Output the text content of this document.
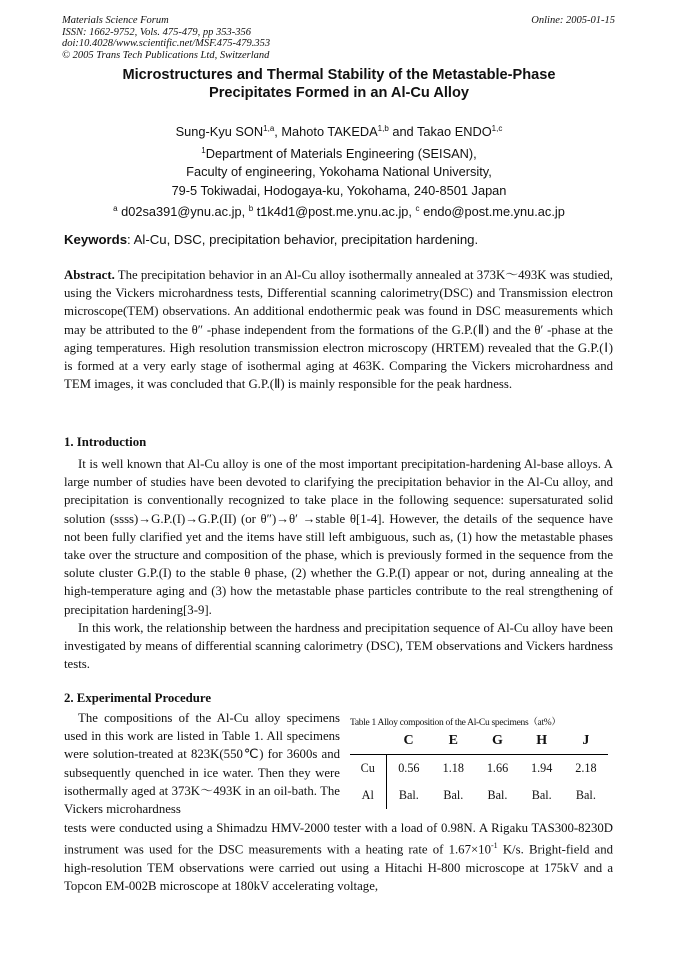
Materials Science Forum
ISSN: 1662-9752, Vols. 475-479, pp 353-356
doi:10.4028/www.scientific.net/MSF.475-479.353
© 2005 Trans Tech Publications Ltd, Switzerland
Online: 2005-01-15
Microstructures and Thermal Stability of the Metastable-Phase
Precipitates Formed in an Al-Cu Alloy
Sung-Kyu SON$^{1,a}$, Mahoto TAKEDA$^{1,b}$ and Takao ENDO$^{1,c}$
$^1$Department of Materials Engineering (SEISAN),
Faculty of engineering, Yokohama National University,
79-5 Tokiwadai, Hodogaya-ku, Yokohama, 240-8501 Japan
$^a$ d02sa391@ynu.ac.jp, $^b$ t1k4d1@post.me.ynu.ac.jp, $^c$ endo@post.me.ynu.ac.jp
Keywords: Al-Cu, DSC, precipitation behavior, precipitation hardening.
Abstract. The precipitation behavior in an Al-Cu alloy isothermally annealed at 373K～493K was studied, using the Vickers microhardness tests, Differential scanning calorimetry(DSC) and Transmission electron microscope(TEM) observations. An additional endothermic peak was found in DSC measurements which may be attributed to the θ″ -phase independent from the formations of the G.P.(Ⅱ) and the θ′ -phase at the aging temperatures. High resolution transmission electron microscopy (HRTEM) revealed that the G.P.(Ⅰ) is formed at a very early stage of isothermal aging at 463K. Comparing the Vickers microhardness and TEM images, it was concluded that G.P.(Ⅱ) is mainly responsible for the peak hardness.
1. Introduction
It is well known that Al-Cu alloy is one of the most important precipitation-hardening Al-base alloys. A large number of studies have been devoted to clarifying the precipitation behavior in the Al-Cu alloy, and precipitation is conventionally recognized to take place in the following sequence: supersaturated solid solution (ssss)→G.P.(I)→G.P.(II) (or θ″)→θ′ →stable θ[1-4]. However, the details of the sequence have not been fully clarified yet and the items have still left ambiguous, such as, (1) how the metastable phases take over the structure and composition of the phase, which is previously formed in the sequence from the solute cluster G.P.(I) to the stable θ phase, (2) whether the G.P.(I) appear or not, during annealing at the high-temperature aging and (3) how the metastable phase particles contribute to the real strengthening of precipitation hardening[3-9].
In this work, the relationship between the hardness and precipitation sequence of Al-Cu alloy have been investigated by means of differential scanning calorimetry (DSC), TEM observations and Vickers hardness tests.
2. Experimental Procedure
The compositions of the Al-Cu alloy specimens used in this work are listed in Table 1. All specimens were solution-treated at 823K(550℃) for 3600s and subsequently quenched in ice water. Then they were isothermally aged at 373K～493K in an oil-bath. The Vickers microhardness
Table 1 Alloy composition of the Al-Cu specimens（at%）
	C	E	G	H	J
Cu	0.56	1.18	1.66	1.94	2.18
Al	Bal.	Bal.	Bal.	Bal.	Bal.
tests were conducted using a Shimadzu HMV-2000 tester with a load of 0.98N. A Rigaku TAS300-8230D instrument was used for the DSC measurements with a heating rate of $1.67\times 10^{-1}$ K/s. Bright-field and high-resolution TEM observations were carried out using a Hitachi H-800 microscope at 175kV and a Topcon EM-002B microscope at 180kV accelerating voltage,
